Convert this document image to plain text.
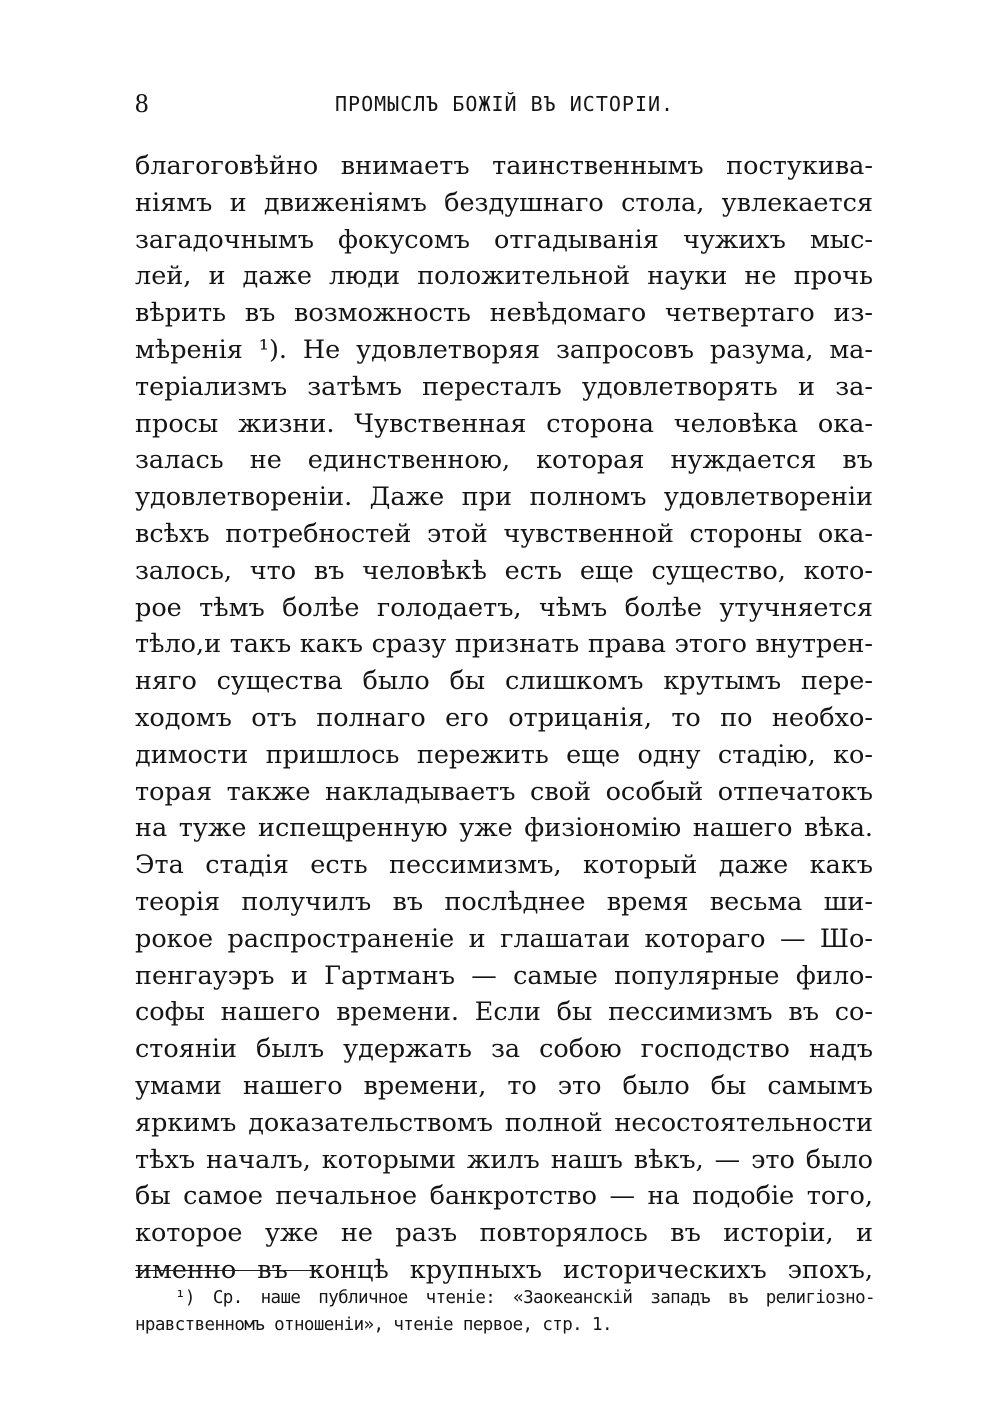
8	ПРОМЫСЛЪ БОЖІЙ ВЪ ИСТОРІИ.
благоговѣйно внимаетъ таинственнымъ постукива-
ніямъ и движеніямъ бездушнаго стола, увлекается
загадочнымъ фокусомъ отгадыванія чужихъ мыс-
лей, и даже люди положительной науки не прочь
вѣрить въ возможность невѣдомаго четвертаго из-
мѣренія ¹). Не удовлетворяя запросовъ разума, ма-
теріализмъ затѣмъ пересталъ удовлетворять и за-
просы жизни. Чувственная сторона человѣка ока-
залась не единственною, которая нуждается въ
удовлетвореніи. Даже при полномъ удовлетвореніи
всѣхъ потребностей этой чувственной стороны ока-
залось, что въ человѣкѣ есть еще существо, кото-
рое тѣмъ болѣе голодаетъ, чѣмъ болѣе утучняется
тѣло,и такъ какъ сразу признать права этого внутрен-
няго существа было бы слишкомъ крутымъ пере-
ходомъ отъ полнаго его отрицанія, то по необхо-
димости пришлось пережить еще одну стадію, ко-
торая также накладываетъ свой особый отпечатокъ
на туже испещренную уже физіономію нашего вѣка.
Эта стадія есть пессимизмъ, который даже какъ
теорія получилъ въ послѣднее время весьма ши-
рокое распространеніе и глашатаи котораго — Шо-
пенгауэръ и Гартманъ — самые популярные фило-
софы нашего времени. Если бы пессимизмъ въ со-
стояніи былъ удержать за собою господство надъ
умами нашего времени, то это было бы самымъ
яркимъ доказательствомъ полной несостоятельности
тѣхъ началъ, которыми жилъ нашъ вѣкъ, — это было
бы самое печальное банкротство — на подобіе того,
которое уже не разъ повторялось въ исторіи, и
именно въ концѣ крупныхъ историческихъ эпохъ,
¹) Ср. наше публичное чтеніе: «Заокеанскій западъ въ религіозно-
нравственномъ отношеніи», чтеніе первое, стр. 1.
